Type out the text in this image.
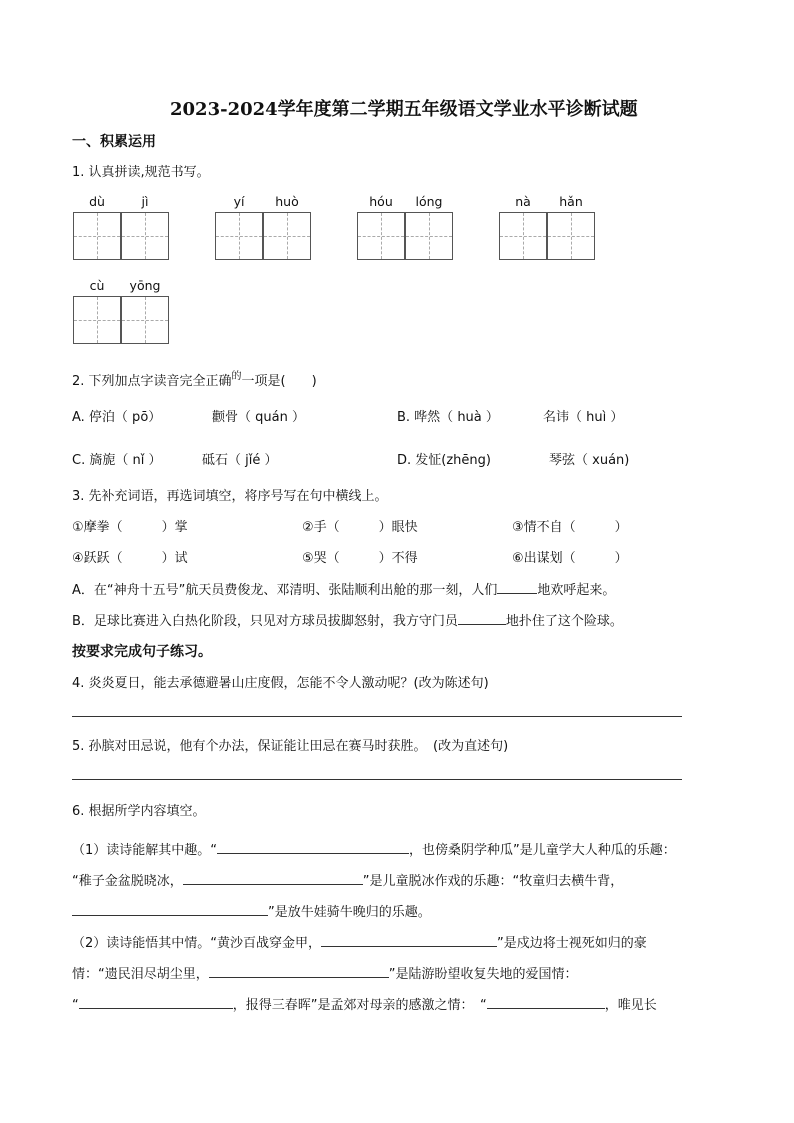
2023-2024学年度第二学期五年级语文学业水平诊断试题
一、积累运用
1. 认真拼读,规范书写。
dù	jì	yí	huò	hóu	lóng	nà	hǎn
cù	yōng
2. 下列加点字读音完全正确$^的$一项是(　　)
A. 停泊（ pō）	颧骨（ quán ）	B. 哗然（ huà ）	名讳（ huì ）
C. 旖旎（ nǐ ）	砥石（ jǐé ）	D. 发怔(zhēng)	琴弦（ xuán)
3. 先补充词语，再选词填空，将序号写在句中横线上。
①摩拳（　　　）掌	②手（　　　）眼快	③情不自（　　　）
④跃跃（　　　）试	⑤哭（　　　）不得	⑥出谋划（　　　）
A．在“神舟十五号”航天员费俊龙、邓清明、张陆顺利出舱的那一刻，人们	地欢呼起来。
B．足球比赛进入白热化阶段，只见对方球员拔脚怒射，我方守门员	地扑住了这个险球。
按要求完成句子练习。
4. 炎炎夏日，能去承德避暑山庄度假，怎能不令人激动呢？(改为陈述句)
5. 孙膑对田忌说，他有个办法，保证能让田忌在赛马时获胜。　(改为直述句)
6. 根据所学内容填空。
（1）读诗能解其中趣。“	，也傍桑阴学种瓜”是儿童学大人种瓜的乐趣：
“稚子金盆脱晓冰，	”是儿童脱冰作戏的乐趣：“牧童归去横牛背，
”是放牛娃骑牛晚归的乐趣。
（2）读诗能悟其中情。“黄沙百战穿金甲，	”是戍边将士视死如归的豪
情：“遗民泪尽胡尘里，	”是陆游盼望收复失地的爱国情：
“	，报得三春晖”是孟郊对母亲的感激之情：　“	，唯见长
